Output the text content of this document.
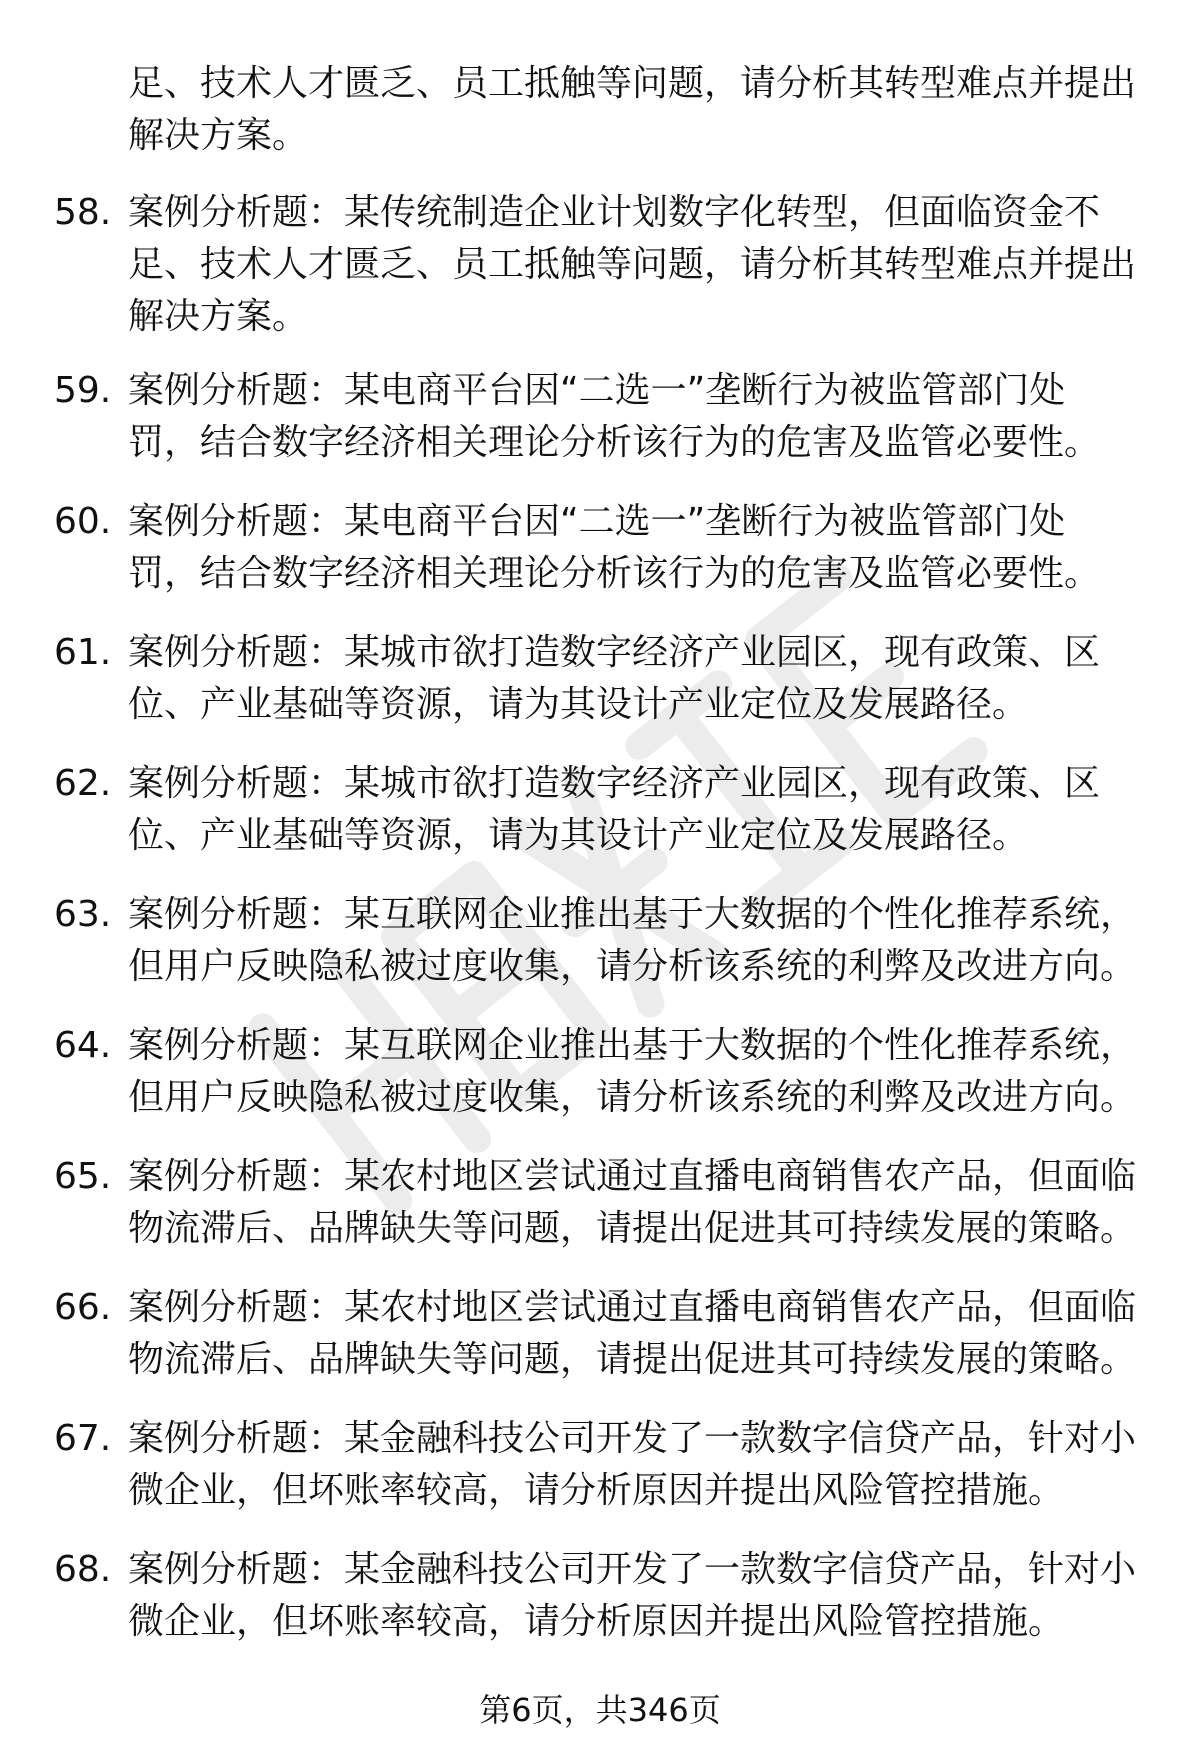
足、技术人才匮乏、员工抵触等问题，请分析其转型难点并提出
解决方案。
58. 案例分析题：某传统制造企业计划数字化转型，但面临资金不
足、技术人才匮乏、员工抵触等问题，请分析其转型难点并提出
解决方案。
59. 案例分析题：某电商平台因“二选一”垄断行为被监管部门处
罚，结合数字经济相关理论分析该行为的危害及监管必要性。
60. 案例分析题：某电商平台因“二选一”垄断行为被监管部门处
罚，结合数字经济相关理论分析该行为的危害及监管必要性。
61. 案例分析题：某城市欲打造数字经济产业园区，现有政策、区
位、产业基础等资源，请为其设计产业定位及发展路径。
62. 案例分析题：某城市欲打造数字经济产业园区，现有政策、区
位、产业基础等资源，请为其设计产业定位及发展路径。
63. 案例分析题：某互联网企业推出基于大数据的个性化推荐系统，
但用户反映隐私被过度收集，请分析该系统的利弊及改进方向。
64. 案例分析题：某互联网企业推出基于大数据的个性化推荐系统，
但用户反映隐私被过度收集，请分析该系统的利弊及改进方向。
65. 案例分析题：某农村地区尝试通过直播电商销售农产品，但面临
物流滞后、品牌缺失等问题，请提出促进其可持续发展的策略。
66. 案例分析题：某农村地区尝试通过直播电商销售农产品，但面临
物流滞后、品牌缺失等问题，请提出促进其可持续发展的策略。
67. 案例分析题：某金融科技公司开发了一款数字信贷产品，针对小
微企业，但坏账率较高，请分析原因并提出风险管控措施。
68. 案例分析题：某金融科技公司开发了一款数字信贷产品，针对小
微企业，但坏账率较高，请分析原因并提出风险管控措施。
第6页，共346页
